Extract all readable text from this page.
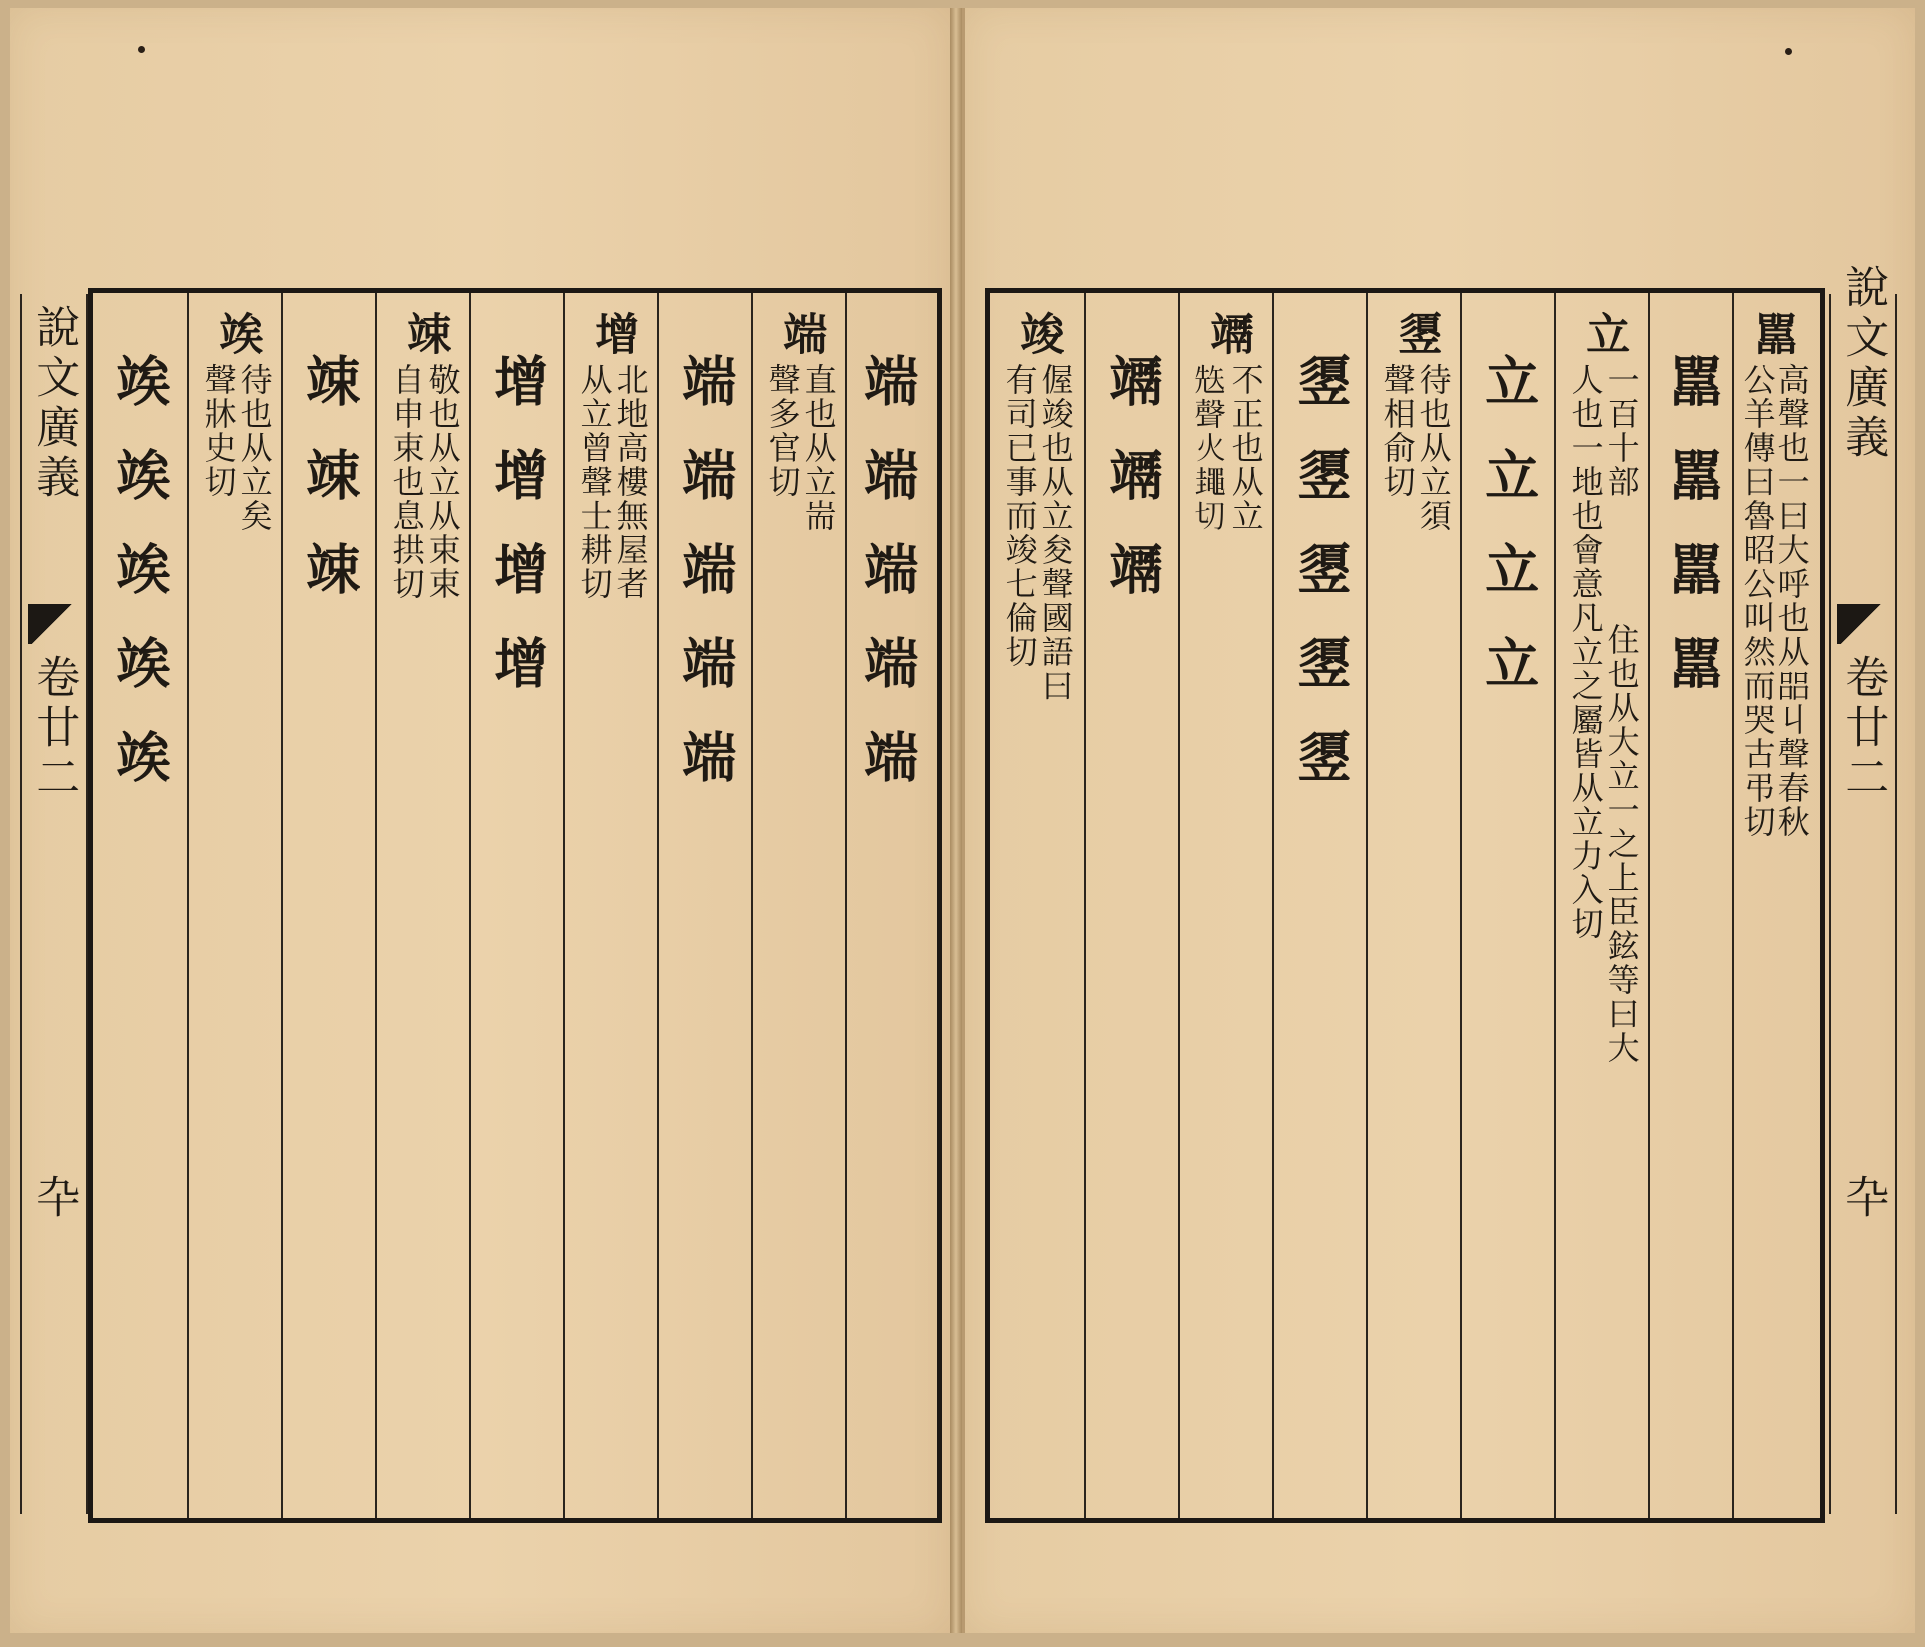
說文廣義
卷廿二
卆
竢竢竢竢竢
竢
待也从立矣
聲牀史切 竦竦竦
竦
敬也从立从束束
自申束也息拱切 增增增增
增
北地高樓無屋者
从立曾聲士耕切 端端端端端
端
直也从立耑
聲多官切 端端端端端
竣
偓竣也从立夋聲國語曰
有司已事而竣七倫切 竵竵竵
竵
不正也从立
𥏋聲火䵷切 䇓䇓䇓䇓䇓
䇓
待也从立須
聲相俞切 立立立立
立
一百十部
人也一地也會意凡立之屬皆从立力入切
住也从大立一之上臣鉉等曰大
嚚嚚嚚嚚
嚚
高聲也一曰大呼也从㗊丩聲春秋
公羊傳曰魯昭公叫然而哭古弔切 說文廣義
卷廿二
卆
